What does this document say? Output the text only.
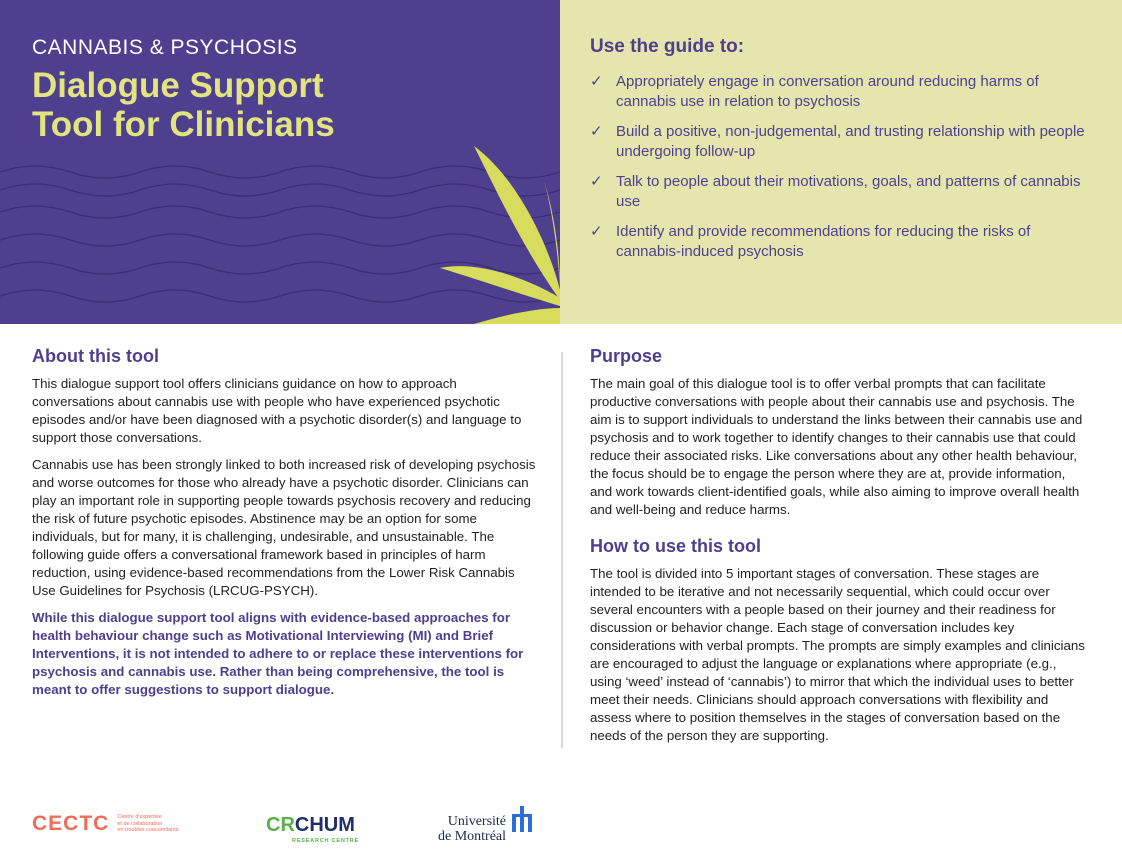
CANNABIS & PSYCHOSIS
Dialogue Support
Tool for Clinicians
Use the guide to:
✓ Appropriately engage in conversation around reducing harms of cannabis use in relation to psychosis
✓ Build a positive, non-judgemental, and trusting relationship with people undergoing follow-up
✓ Talk to people about their motivations, goals, and patterns of cannabis use
✓ Identify and provide recommendations for reducing the risks of cannabis-induced psychosis
About this tool

This dialogue support tool offers clinicians guidance on how to approach conversations about cannabis use with people who have experienced psychotic episodes and/or have been diagnosed with a psychotic disorder(s) and language to support those conversations.

Cannabis use has been strongly linked to both increased risk of developing psychosis and worse outcomes for those who already have a psychotic disorder. Clinicians can play an important role in supporting people towards psychosis recovery and reducing the risk of future psychotic episodes. Abstinence may be an option for some individuals, but for many, it is challenging, undesirable, and unsustainable. The following guide offers a conversational framework based in principles of harm reduction, using evidence-based recommendations from the Lower Risk Cannabis Use Guidelines for Psychosis (LRCUG-PSYCH).

While this dialogue support tool aligns with evidence-based approaches for health behaviour change such as Motivational Interviewing (MI) and Brief Interventions, it is not intended to adhere to or replace these interventions for psychosis and cannabis use. Rather than being comprehensive, the tool is meant to offer suggestions to support dialogue.

Purpose

The main goal of this dialogue tool is to offer verbal prompts that can facilitate productive conversations with people about their cannabis use and psychosis. The aim is to support individuals to understand the links between their cannabis use and psychosis and to work together to identify changes to their cannabis use that could reduce their associated risks. Like conversations about any other health behaviour, the focus should be to engage the person where they are at, provide information, and work towards client-identified goals, while also aiming to improve overall health and well-being and reduce harms.

How to use this tool

The tool is divided into 5 important stages of conversation. These stages are intended to be iterative and not necessarily sequential, which could occur over several encounters with a people based on their journey and their readiness for discussion or behavior change. Each stage of conversation includes key considerations with verbal prompts. The prompts are simply examples and clinicians are encouraged to adjust the language or explanations where appropriate (e.g., using ‘weed’ instead of ‘cannabis’) to mirror that which the individual uses to better meet their needs. Clinicians should approach conversations with flexibility and assess where to position themselves in the stages of conversation based on the needs of the person they are supporting.

CECTC Centre d'expertise
et de collaboration
en troubles concomitants	CRCHUM
RESEARCH CENTRE
Université
de Montréal
